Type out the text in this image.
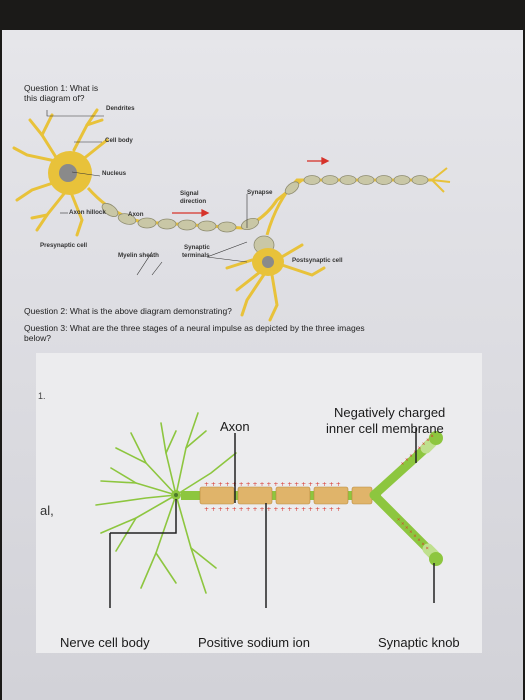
Question 1: What is
this diagram of?
Dendrites
Cell body
Nucleus
Signal
direction
Synapse
Axon hillock	Axon
Presynaptic cell
Myelin sheath
Synaptic
terminals
Postsynaptic cell
Question 2: What is the above diagram demonstrating?
Question 3: What are the three stages of a neural impulse as depicted by the three images
below?
+ + + + + + + + + + + + + + + + + + + +
+ + + + + + + + + + + + + + + + + + + +
+ + + + + + + +
+ + + + + + + +
1.
al,
Axon
Negatively charged
inner cell membrane
Nerve cell body	Positive sodium ion	Synaptic knob
